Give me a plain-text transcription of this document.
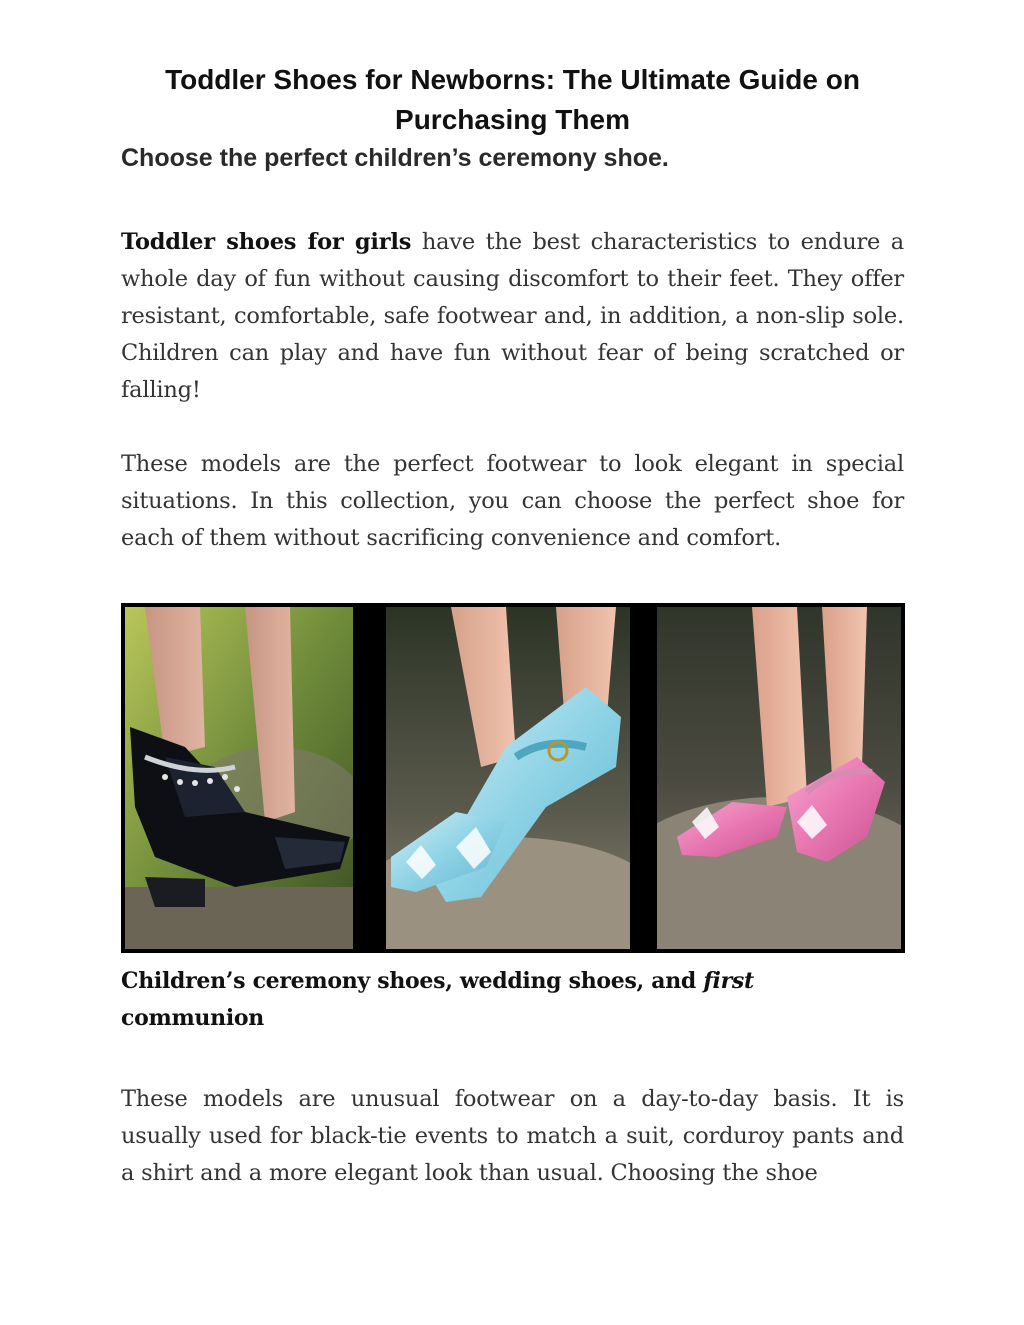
Toddler Shoes for Newborns: The Ultimate Guide on Purchasing Them
Choose the perfect children’s ceremony shoe.

Toddler shoes for girls have the best characteristics to endure a whole day of fun without causing discomfort to their feet. They offer resistant, comfortable, safe footwear and, in addition, a non-slip sole. Children can play and have fun without fear of being scratched or falling!

These models are the perfect footwear to look elegant in special situations. In this collection, you can choose the perfect shoe for each of them without sacrificing convenience and comfort.

Children’s ceremony shoes, wedding shoes, and first communion

These models are unusual footwear on a day-to-day basis. It is usually used for black-tie events to match a suit, corduroy pants and a shirt and a more elegant look than usual. Choosing the shoe
